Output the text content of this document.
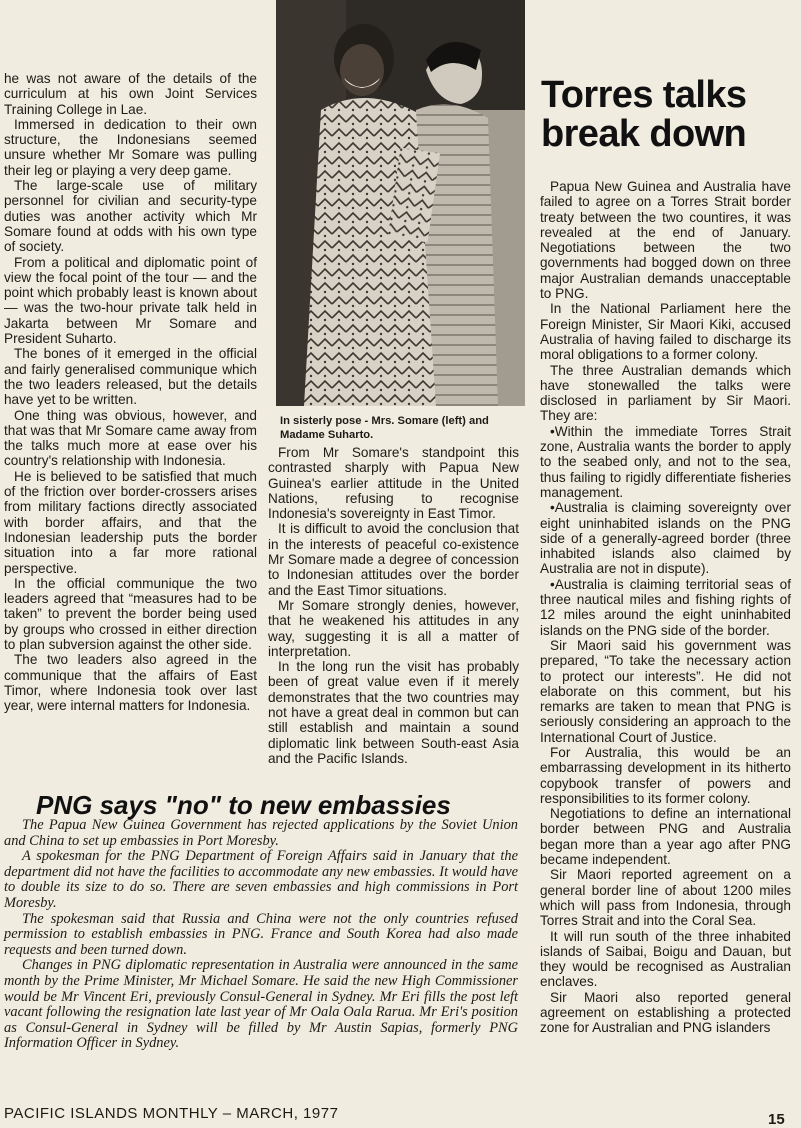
he was not aware of the details of the curriculum at his own Joint Services Training College in Lae.

Immersed in dedication to their own structure, the Indonesians seemed unsure whether Mr Somare was pulling their leg or playing a very deep game.

The large-scale use of military personnel for civilian and security-type duties was another activity which Mr Somare found at odds with his own type of society.

From a political and diplomatic point of view the focal point of the tour — and the point which probably least is known about — was the two-hour private talk held in Jakarta between Mr Somare and President Suharto.

The bones of it emerged in the official and fairly generalised communique which the two leaders released, but the details have yet to be written.

One thing was obvious, however, and that was that Mr Somare came away from the talks much more at ease over his country's relationship with Indonesia.

He is believed to be satisfied that much of the friction over border-crossers arises from military factions directly associated with border affairs, and that the Indonesian leadership puts the border situation into a far more rational perspective.

In the official communique the two leaders agreed that “measures had to be taken” to prevent the border being used by groups who crossed in either direction to plan subversion against the other side.

The two leaders also agreed in the communique that the affairs of East Timor, where Indonesia took over last year, were internal matters for Indonesia.

In sisterly pose - Mrs. Somare (left) and Madame Suharto.

From Mr Somare's standpoint this contrasted sharply with Papua New Guinea's earlier attitude in the United Nations, refusing to recognise Indonesia's sovereignty in East Timor.

It is difficult to avoid the conclusion that in the interests of peaceful co-existence Mr Somare made a degree of concession to Indonesian attitudes over the border and the East Timor situations.

Mr Somare strongly denies, however, that he weakened his attitudes in any way, suggesting it is all a matter of interpretation.

In the long run the visit has probably been of great value even if it merely demonstrates that the two countries may not have a great deal in common but can still establish and maintain a sound diplomatic link between South-east Asia and the Pacific Islands.

Torres talks break down

Papua New Guinea and Australia have failed to agree on a Torres Strait border treaty between the two countires, it was revealed at the end of January. Negotiations between the two governments had bogged down on three major Australian demands unacceptable to PNG.

In the National Parliament here the Foreign Minister, Sir Maori Kiki, accused Australia of having failed to discharge its moral obligations to a former colony.

The three Australian demands which have stonewalled the talks were disclosed in parliament by Sir Maori. They are:

•Within the immediate Torres Strait zone, Australia wants the border to apply to the seabed only, and not to the sea, thus failing to rigidly differentiate fisheries management.

•Australia is claiming sovereignty over eight uninhabited islands on the PNG side of a generally-agreed border (three inhabited islands also claimed by Australia are not in dispute).

•Australia is claiming territorial seas of three nautical miles and fishing rights of 12 miles around the eight uninhabited islands on the PNG side of the border.

Sir Maori said his government was prepared, “To take the necessary action to protect our interests”. He did not elaborate on this comment, but his remarks are taken to mean that PNG is seriously considering an approach to the International Court of Justice.

For Australia, this would be an embarrassing development in its hitherto copybook transfer of powers and responsibilities to its former colony.

Negotiations to define an international border between PNG and Australia began more than a year ago after PNG became independent.

Sir Maori reported agreement on a general border line of about 1200 miles which will pass from Indonesia, through Torres Strait and into the Coral Sea.

It will run south of the three inhabited islands of Saibai, Boigu and Dauan, but they would be recognised as Australian enclaves.

Sir Maori also reported general agreement on establishing a protected zone for Australian and PNG islanders

PNG says "no" to new embassies

The Papua New Guinea Government has rejected applications by the Soviet Union and China to set up embassies in Port Moresby.

A spokesman for the PNG Department of Foreign Affairs said in January that the department did not have the facilities to accommodate any new embassies. It would have to double its size to do so. There are seven embassies and high commissions in Port Moresby.

The spokesman said that Russia and China were not the only countries refused permission to establish embassies in PNG. France and South Korea had also made requests and been turned down.

Changes in PNG diplomatic representation in Australia were announced in the same month by the Prime Minister, Mr Michael Somare. He said the new High Commissioner would be Mr Vincent Eri, previously Consul-General in Sydney. Mr Eri fills the post left vacant following the resignation late last year of Mr Oala Oala Rarua. Mr Eri's position as Consul-General in Sydney will be filled by Mr Austin Sapias, formerly PNG Information Officer in Sydney.

PACIFIC ISLANDS MONTHLY – MARCH, 1977	15
